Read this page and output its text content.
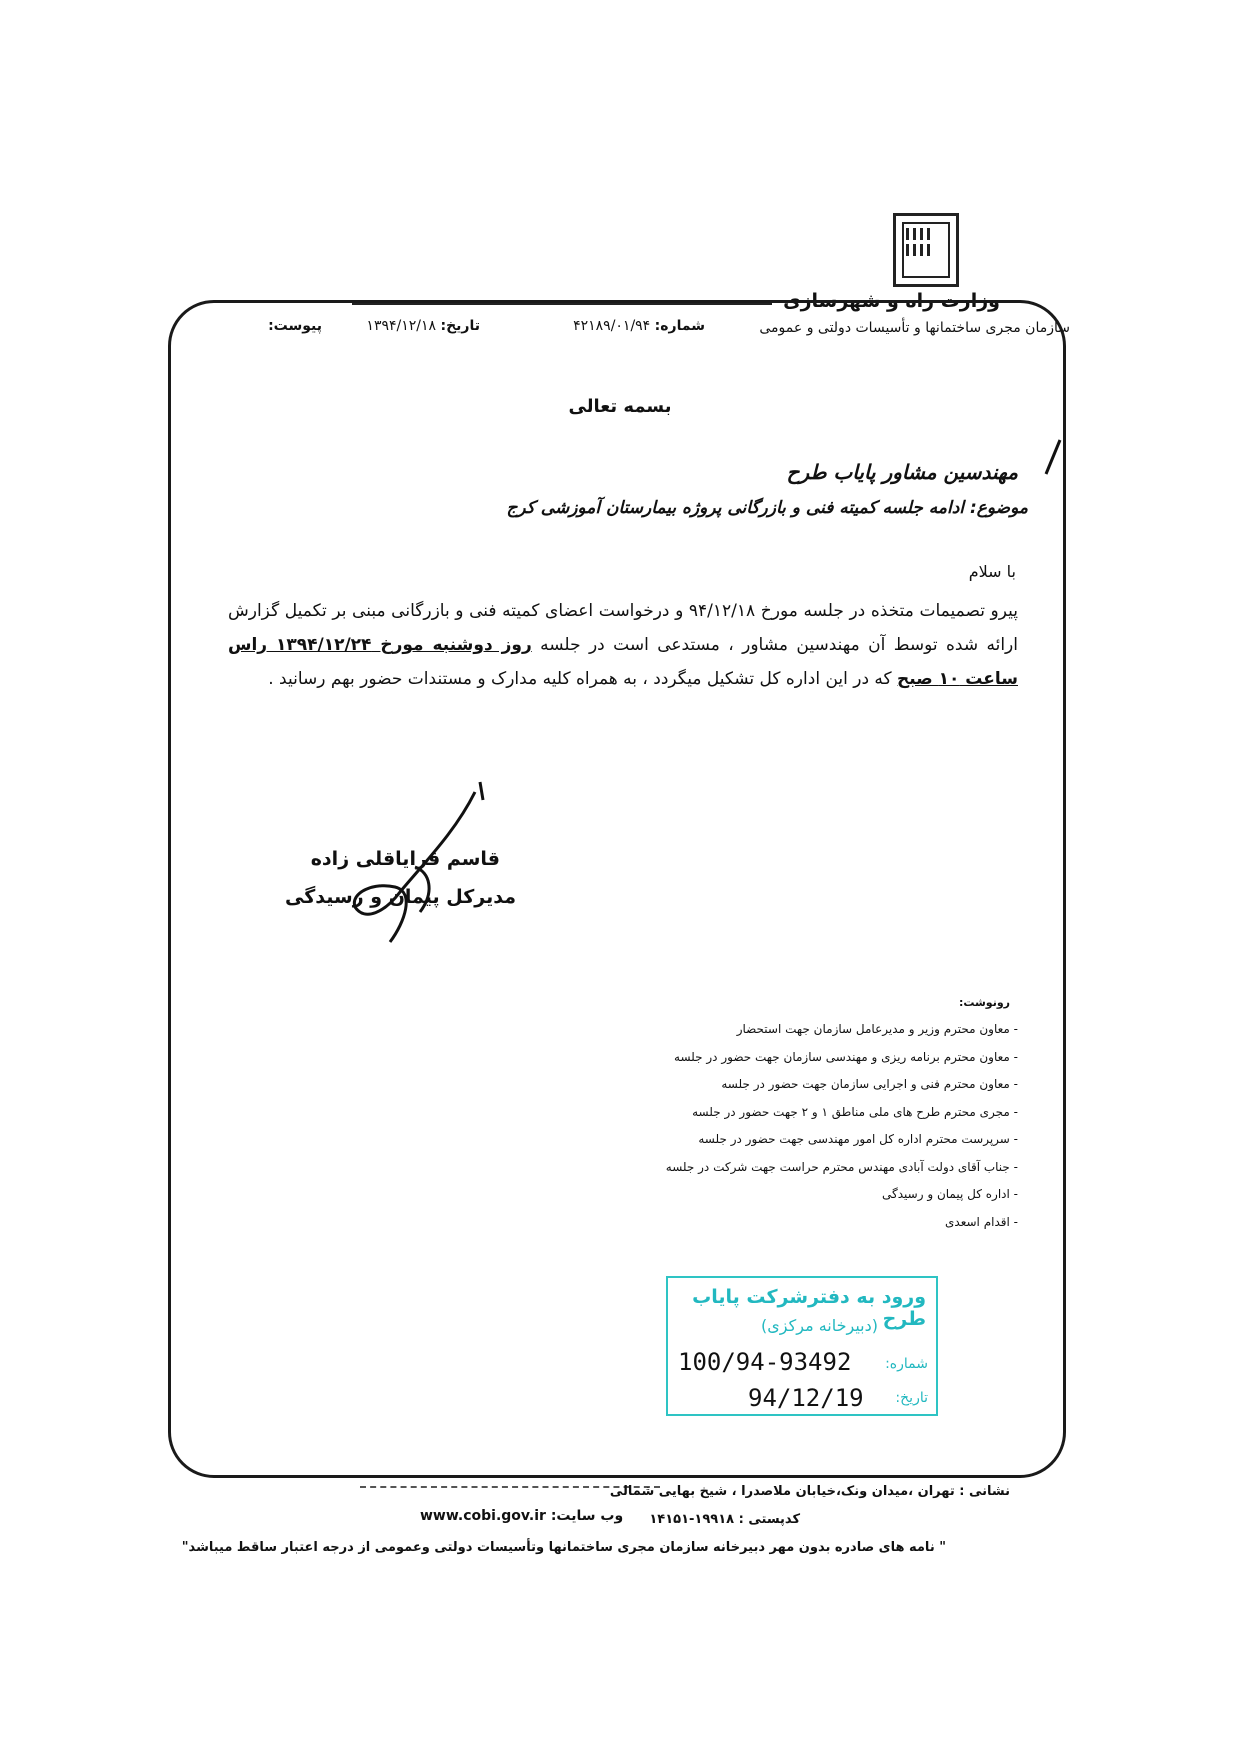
وزارت راه و شهرسازی
سازمان مجری ساختمانها و تأسیسات دولتی و عمومی
شماره: ۴۲۱۸۹/۰۱/۹۴
تاریخ: ۱۳۹۴/۱۲/۱۸
پیوست:
بسمه تعالی
مهندسین مشاور پایاب طرح
موضوع: ادامه جلسه کمیته فنی و بازرگانی پروژه بیمارستان آموزشی کرج
با سلام
پیرو تصمیمات متخذه در جلسه مورخ ۹۴/۱۲/۱۸ و درخواست اعضای کمیته فنی و بازرگانی مبنی بر تکمیل گزارش ارائه شده توسط آن مهندسین مشاور ، مستدعی است در جلسه روز دوشنبه مورخ ۱۳۹۴/۱۲/۲۴ راس ساعت ۱۰ صبح که در این اداره کل تشکیل میگردد ، به همراه کلیه مدارک و مستندات حضور بهم رسانید .
قاسم قرایاقلی زاده
مدیرکل پیمان و رسیدگی
رونوشت:
- معاون محترم وزیر و مدیرعامل سازمان جهت استحضار
- معاون محترم برنامه ریزی و مهندسی سازمان جهت حضور در جلسه
- معاون محترم فنی و اجرایی سازمان جهت حضور در جلسه
- مجری محترم طرح های ملی مناطق ۱ و ۲ جهت حضور در جلسه
- سرپرست محترم اداره کل امور مهندسی جهت حضور در جلسه
- جناب آقای دولت آبادی مهندس محترم حراست جهت شرکت در جلسه
- اداره کل پیمان و رسیدگی
- اقدام اسعدی
ورود به دفترشرکت پایاب طرح
(دبیرخانه مرکزی)
شماره:
100/94-93492
تاریخ:
94/12/19
نشانی : تهران ،میدان ونک،خیابان ملاصدرا ، شیخ بهایی شمالی
کدپستی : ۱۹۹۱۸-۱۴۱۵۱
www.cobi.gov.ir وب سایت:
" نامه های صادره بدون مهر دبیرخانه سازمان مجری ساختمانها وتأسیسات دولتی وعمومی از درجه اعتبار ساقط میباشد"
